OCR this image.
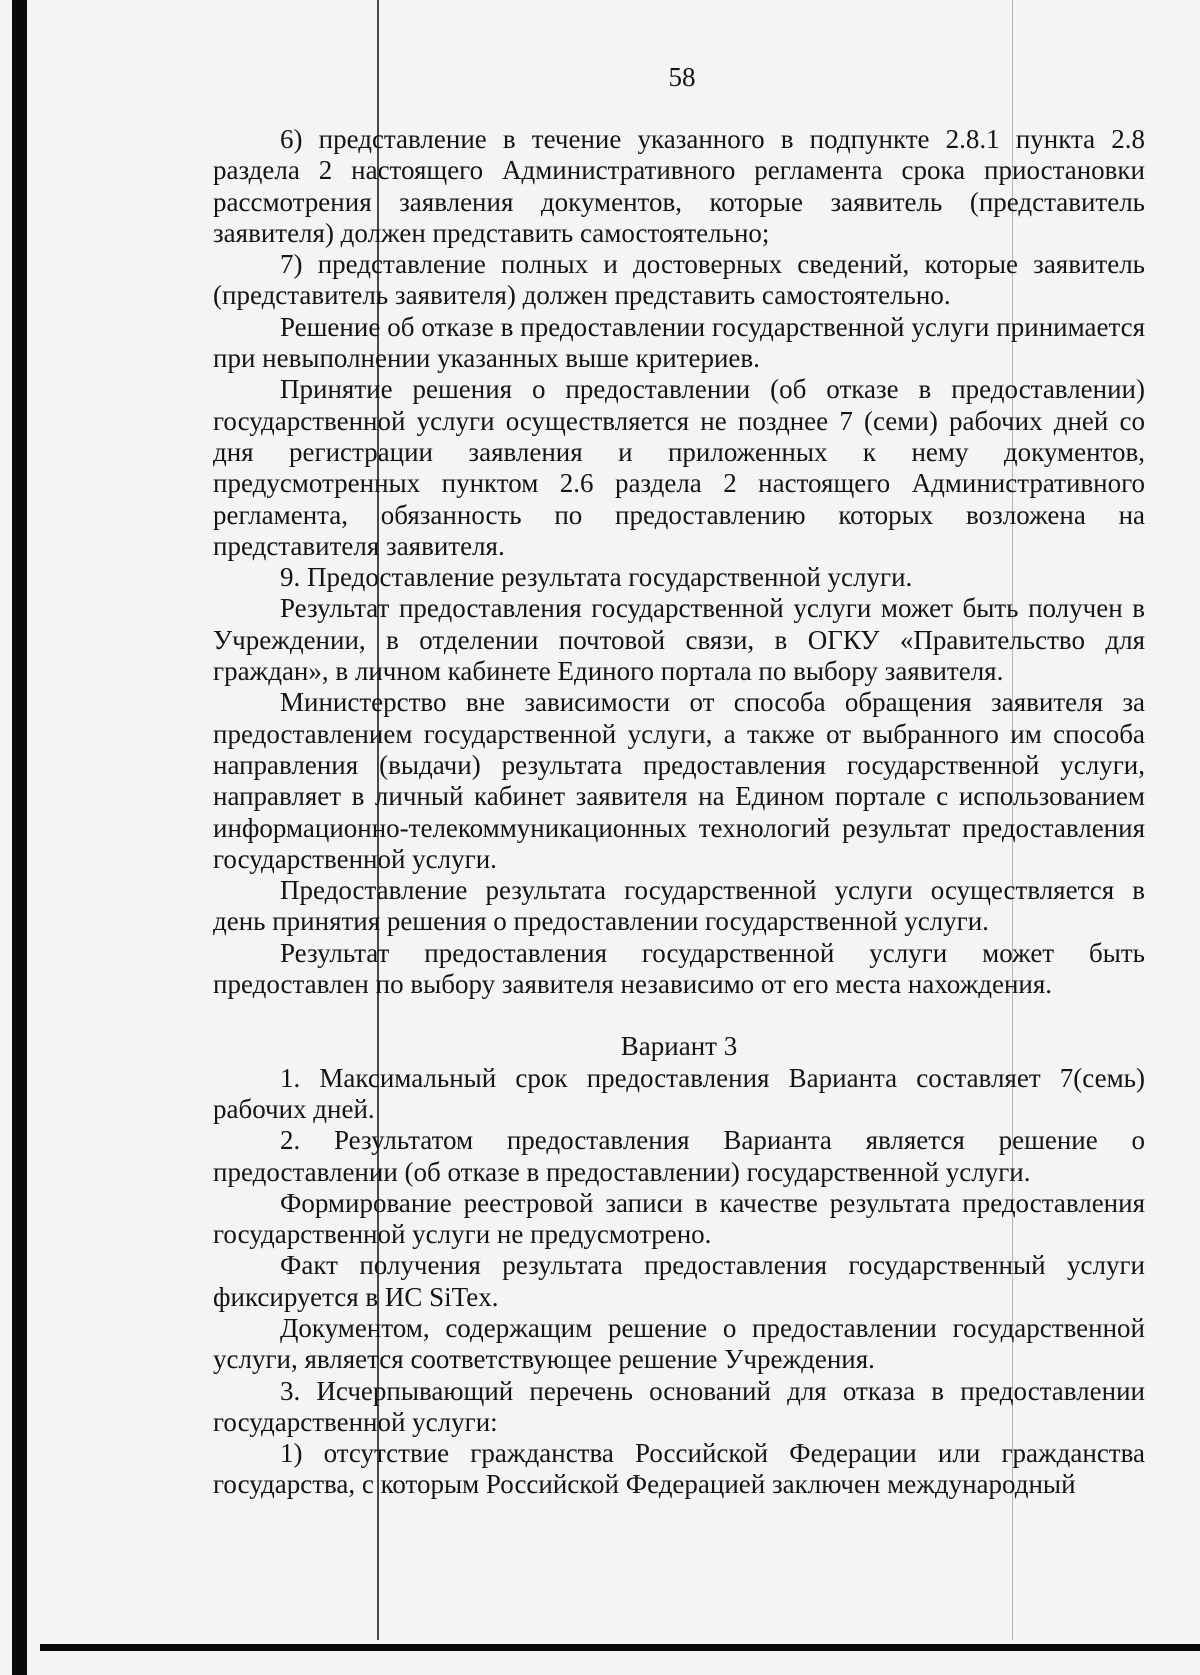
58

6) представление в течение указанного в подпункте 2.8.1 пункта 2.8 раздела 2 настоящего Административного регламента срока приостановки рассмотрения заявления документов, которые заявитель (представитель заявителя) должен представить самостоятельно;

7) представление полных и достоверных сведений, которые заявитель (представитель заявителя) должен представить самостоятельно.

Решение об отказе в предоставлении государственной услуги принимается при невыполнении указанных выше критериев.

Принятие решения о предоставлении (об отказе в предоставлении) государственной услуги осуществляется не позднее 7 (семи) рабочих дней со дня регистрации заявления и приложенных к нему документов, предусмотренных пунктом 2.6 раздела 2 настоящего Административного регламента, обязанность по предоставлению которых возложена на представителя заявителя.

9. Предоставление результата государственной услуги.

Результат предоставления государственной услуги может быть получен в Учреждении, в отделении почтовой связи, в ОГКУ «Правительство для граждан», в личном кабинете Единого портала по выбору заявителя.

Министерство вне зависимости от способа обращения заявителя за предоставлением государственной услуги, а также от выбранного им способа направления (выдачи) результата предоставления государственной услуги, направляет в личный кабинет заявителя на Едином портале с использованием информационно-телекоммуникационных технологий результат предоставления государственной услуги.

Предоставление результата государственной услуги осуществляется в день принятия решения о предоставлении государственной услуги.

Результат предоставления государственной услуги может быть предоставлен по выбору заявителя независимо от его места нахождения.

Вариант 3

1. Максимальный срок предоставления Варианта составляет 7(семь) рабочих дней.

2. Результатом предоставления Варианта является решение о предоставлении (об отказе в предоставлении) государственной услуги.

Формирование реестровой записи в качестве результата предоставления государственной услуги не предусмотрено.

Факт получения результата предоставления государственный услуги фиксируется в ИС SiTex.

Документом, содержащим решение о предоставлении государственной услуги, является соответствующее решение Учреждения.

3. Исчерпывающий перечень оснований для отказа в предоставлении государственной услуги:

1) отсутствие гражданства Российской Федерации или гражданства государства, с которым Российской Федерацией заключен международный
